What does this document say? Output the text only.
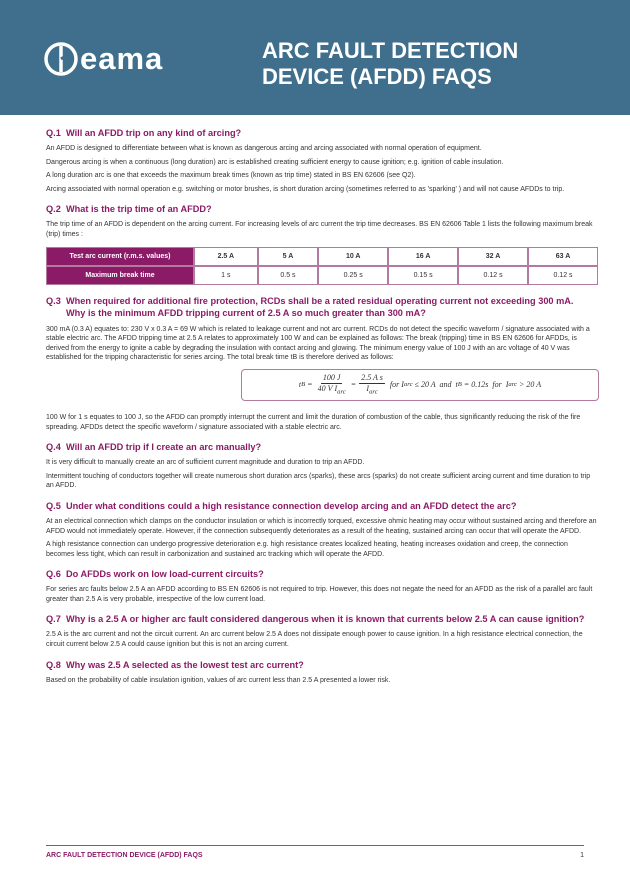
eama	ARC FAULT DETECTION
DEVICE (AFDD) FAQS
Q.1 Will an AFDD trip on any kind of arcing?

An AFDD is designed to differentiate between what is known as dangerous arcing and arcing associated with normal operation of equipment.

Dangerous arcing is when a continuous (long duration) arc is established creating sufficient energy to cause ignition; e.g. ignition of cable insulation.

A long duration arc is one that exceeds the maximum break times (known as trip time) stated in BS EN 62606 (see Q2).

Arcing associated with normal operation e.g. switching or motor brushes, is short duration arcing (sometimes referred to as 'sparking' ) and will not cause AFDDs to trip.

Q.2 What is the trip time of an AFDD?

The trip time of an AFDD is dependent on the arcing current. For increasing levels of arc current the trip time decreases. BS EN 62606 Table 1 lists the following maximum break (trip) times :

Test arc current (r.m.s. values)	2.5 A	5 A	10 A	16 A	32 A	63 A
Maximum break time	1 s	0.5 s	0.25 s	0.15 s	0.12 s	0.12 s
Q.3 When required for additional fire protection, RCDs shall be a rated residual operating current not exceeding 300 mA.
Why is the minimum AFDD tripping current of 2.5 A so much greater than 300 mA?

300 mA (0.3 A) equates to: 230 V x 0.3 A = 69 W which is related to leakage current and not arc current. RCDs do not detect the specific waveform / signature associated with a stable electric arc. The AFDD tripping time at 2.5 A relates to approximately 100 W and can be explained as follows: The break (tripping) time in BS EN 62606 for AFDDs, is derived from the energy to ignite a cable by degrading the insulation with contact arcing and glowing. The minimum energy value of 100 J with an arc voltage of 40 V was established for the tripping characteristic for series arcing. The total break time tB is therefore derived as follows:

t B
= $\frac{100 J}{40 V I_{arc}} = \frac{\text{2.5 A s}}{I_{arc}}$
for I arc ≤ 20 A  and  t B = 0.12s  for  I arc > 20 A

100 W for 1 s equates to 100 J, so the AFDD can promptly interrupt the current and limit the duration of combustion of the cable, thus significantly reducing the risk of the fire spreading. AFDDs detect the specific waveform / signature associated with a stable electric arc.

Q.4 Will an AFDD trip if I create an arc manually?

It is very difficult to manually create an arc of sufficient current magnitude and duration to trip an AFDD.

Intermittent touching of conductors together will create numerous short duration arcs (sparks), these arcs (sparks) do not create sufficient arcing current and time duration to trip an AFDD.

Q.5 Under what conditions could a high resistance connection develop arcing and an AFDD detect the arc?

At an electrical connection which clamps on the conductor insulation or which is incorrectly torqued, excessive ohmic heating may occur without sustained arcing and therefore an AFDD would not immediately operate. However, if the connection subsequently deteriorates as a result of the heating, sustained arcing can occur that will operate the AFDD.

A high resistance connection can undergo progressive deterioration e.g. high resistance creates localized heating, heating increases oxidation and creep, the connection becomes less tight, which can result in carbonization and sustained arc tracking which will operate the AFDD.

Q.6 Do AFDDs work on low load-current circuits?

For series arc faults below 2.5 A an AFDD according to BS EN 62606 is not required to trip. However, this does not negate the need for an AFDD as the risk of a parallel arc fault greater than 2.5 A is very probable, irrespective of the low current load.

Q.7 Why is a 2.5 A or higher arc fault considered dangerous when it is known that currents below 2.5 A can cause ignition?

2.5 A is the arc current and not the circuit current. An arc current below 2.5 A does not dissipate enough power to cause ignition. In a high resistance electrical connection, the circuit current below 2.5 A could cause ignition but this is not an arcing current.

Q.8 Why was 2.5 A selected as the lowest test arc current?

Based on the probability of cable insulation ignition, values of arc current less than 2.5 A presented a lower risk.

ARC FAULT DETECTION DEVICE (AFDD) FAQS	1
